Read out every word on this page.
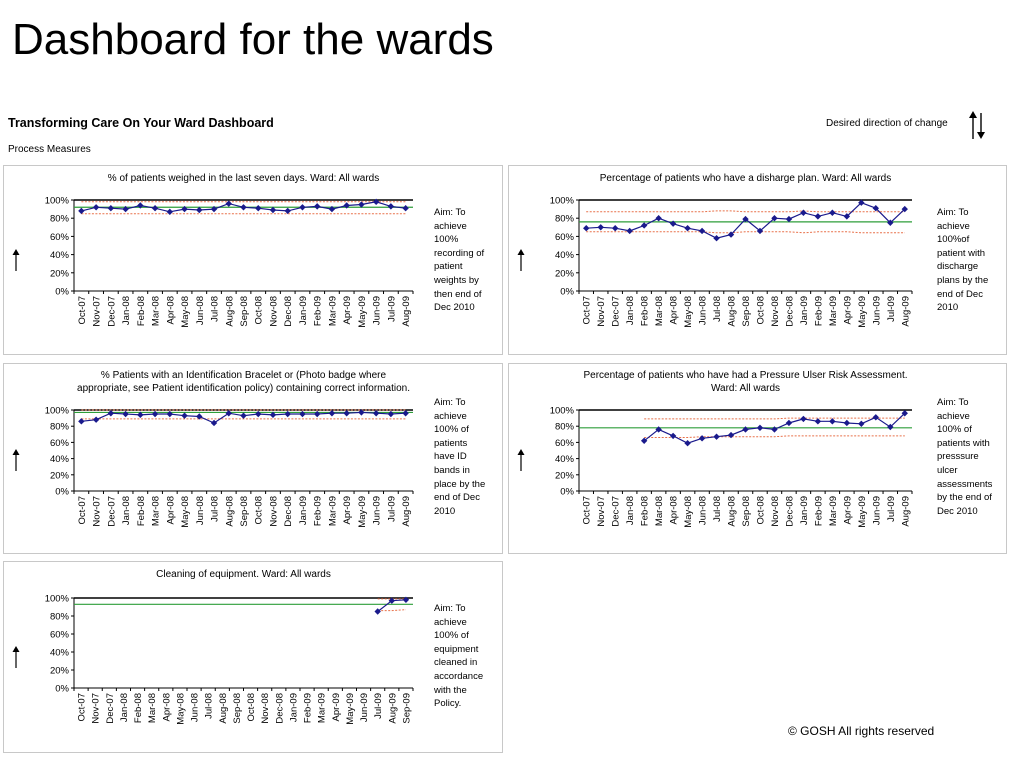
Dashboard for the wards
Transforming Care On Your Ward Dashboard
Process Measures
Desired direction of change
% of patients weighed in the last seven days. Ward: All wards
100%
80%
60%
40%
20%
0%
Oct-07 Nov-07 Dec-07 Jan-08 Feb-08 Mar-08 Apr-08 May-08 Jun-08 Jul-08 Aug-08 Sep-08 Oct-08 Nov-08 Dec-08 Jan-09 Feb-09 Mar-09 Apr-09 May-09 Jun-09 Jul-09 Aug-09
Aim: To
achieve
100%
recording of
patient
weights by
then end of
Dec 2010
Percentage of patients who have a disharge plan. Ward: All wards
100%
80%
60%
40%
20%
0%
Oct-07 Nov-07 Dec-07 Jan-08 Feb-08 Mar-08 Apr-08 May-08 Jun-08 Jul-08 Aug-08 Sep-08 Oct-08 Nov-08 Dec-08 Jan-09 Feb-09 Mar-09 Apr-09 May-09 Jun-09 Jul-09 Aug-09
Aim: To
achieve
100%of
patient with
discharge
plans by the
end of Dec
2010
% Patients with an Identification Bracelet or (Photo badge where
appropriate, see Patient identification policy) containing correct information.
100%
80%
60%
40%
20%
0%
Oct-07 Nov-07 Dec-07 Jan-08 Feb-08 Mar-08 Apr-08 May-08 Jun-08 Jul-08 Aug-08 Sep-08 Oct-08 Nov-08 Dec-08 Jan-09 Feb-09 Mar-09 Apr-09 May-09 Jun-09 Jul-09 Aug-09
Aim: To
achieve
100% of
patients
have ID
bands in
place by the
end of Dec
2010
Percentage of patients who have had a Pressure Ulser Risk Assessment.
Ward: All wards
100%
80%
60%
40%
20%
0%
Oct-07 Nov-07 Dec-07 Jan-08 Feb-08 Mar-08 Apr-08 May-08 Jun-08 Jul-08 Aug-08 Sep-08 Oct-08 Nov-08 Dec-08 Jan-09 Feb-09 Mar-09 Apr-09 May-09 Jun-09 Jul-09 Aug-09
Aim: To
achieve
100% of
patients with
presssure
ulcer
assessments
by the end of
Dec 2010
Cleaning of equipment. Ward: All wards
100%
80%
60%
40%
20%
0%
Oct-07 Nov-07 Dec-07 Jan-08 Feb-08 Mar-08 Apr-08 May-08 Jun-08 Jul-08 Aug-08 Sep-08 Oct-08 Nov-08 Dec-08 Jan-09 Feb-09 Mar-09 Apr-09 May-09 Jun-09 Jul-09 Aug-09 Sep-09
Aim: To
achieve
100% of
equipment
cleaned in
accordance
with the
Policy.
© GOSH All rights reserved
